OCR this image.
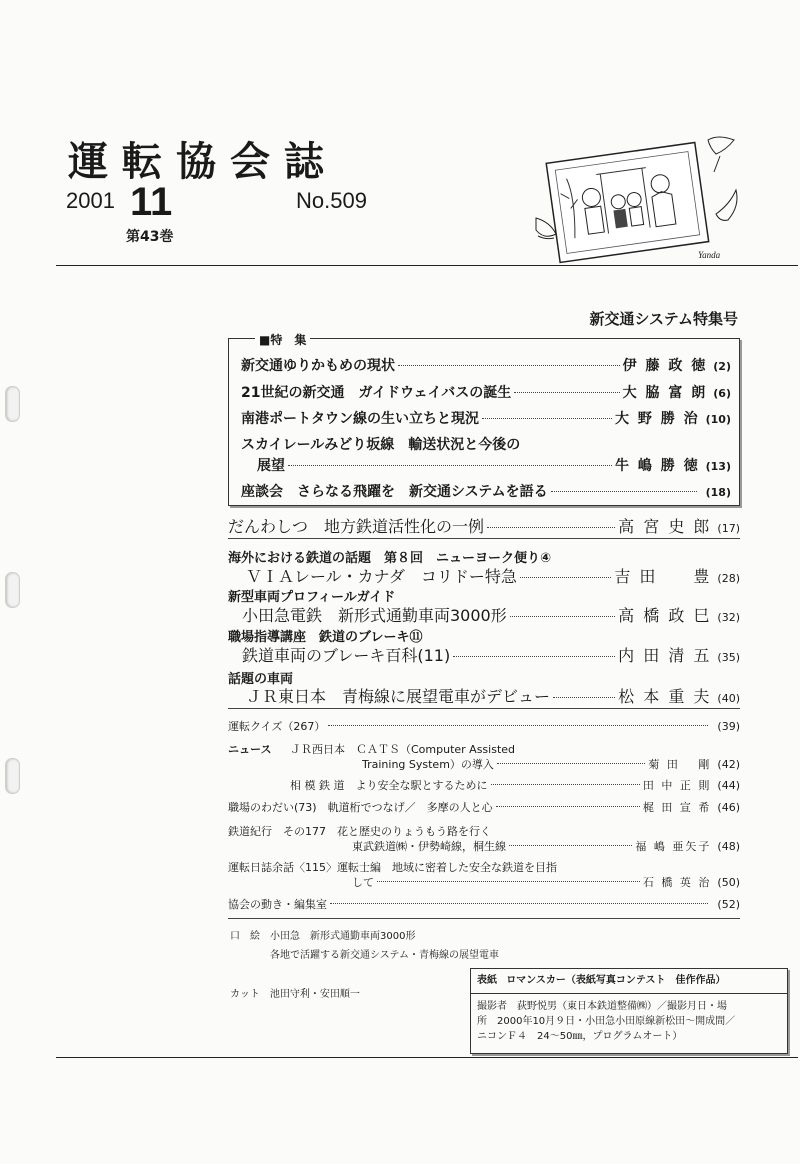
運転協会誌
2001 11	No.509
第43巻
Yanda
新交通システム特集号
■特　集
新交通ゆりかもめの現状	伊 藤 政 徳 (2)
21世紀の新交通　ガイドウェイバスの誕生	大 脇 富 朗 (6)
南港ポートタウン線の生い立ちと現況	大 野 勝 治 (10)
スカイレールみどり坂線　輸送状況と今後の
展望	牛 嶋 勝 徳 (13)
座談会　さらなる飛躍を　新交通システムを語る	(18)
だんわしつ　地方鉄道活性化の一例	高 宮 史 郎 (17)
海外における鉄道の話題　第８回　ニューヨーク便り④
ＶＩＡレール・カナダ　コリドー特急	吉 田　　豊 (28)
新型車両プロフィールガイド
小田急電鉄　新形式通勤車両3000形	高 橋 政 巳 (32)
職場指導講座　鉄道のブレーキ⑪
鉄道車両のブレーキ百科(11)	内 田 清 五 (35)
話題の車両
ＪＲ東日本　青梅線に展望電車がデビュー	松 本 重 夫 (40)
運転クイズ（267）	(39)
ニュース ＪＲ西日本　ＣＡＴＳ（Computer Assisted
Training System）の導入	菊 田　 剛 (42)
相 模 鉄 道　より安全な駅とするために	田 中 正 則 (44)
職場のわだい(73)　軌道桁でつなげ／　多摩の人と心	梶 田 宣 希 (46)
鉄道紀行　その177　花と歴史のりょうもう路を行く
東武鉄道㈱・伊勢崎線，桐生線	福 嶋 亜矢子 (48)
運転日誌余話〈115〉運転士編　地域に密着した安全な鉄道を目指
して	石 橋 英 治 (50)
協会の動き・編集室	(52)
口　絵 小田急　新形式通勤車両3000形
各地で活躍する新交通システム・青梅線の展望電車
カット　池田守利・安田順一
表紙 ロマンスカー（表紙写真コンテスト　佳作作品）
撮影者　荻野悦男（東日本鉄道整備㈱）／撮影月日・場
所　2000年10月９日・小田急小田原線新松田～開成間／
ニコンＦ４　24～50㎜，プログラムオート）
